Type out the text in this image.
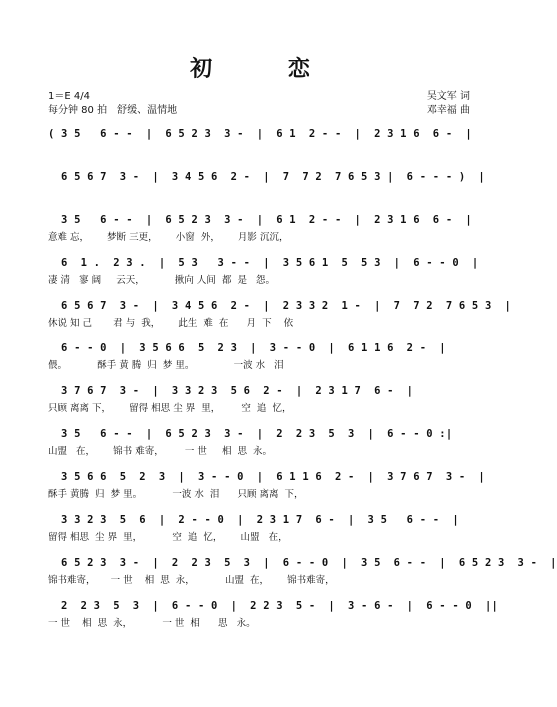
初 恋
1＝E 4/4
每分钟 80 拍　舒缓、温情地
吴文军 词
邓幸福 曲
( 3 5   6 - -  |  6 5 2 3  3 -  |  6 1  2 - -  |  2 3 1 6  6 -  |
6 5 6 7  3 -  |  3 4 5 6  2 -  |  7  7 2  7 6 5 3 |  6 - - - )  |
3 5   6 - -  |  6 5 2 3  3 -  |  6 1  2 - -  |  2 3 1 6  6 -  |
意难 忘，      梦断 三更，      小窗  外，      月影 沉沉，
6  1 .  2 3 .  |  5 3   3 - -  |  3 5 6 1  5  5 3  |  6 - - 0  |
凄 清   寥 阔     云天，          揪向 人间  都  是   怨。
6 5 6 7  3 -  |  3 4 5 6  2 -  |  2 3 3 2  1 -  |  7  7 2  7 6 5 3  |
休说 知 己       君 与  我，      此生  难  在      月  下    依
6 - - 0  |  3 5 6 6  5  2 3  |  3 - - 0  |  6 1 1 6  2 -  |
偎。          酥手 黄 腾  归  梦 里。             一波 水   泪
3 7 6 7  3 -  |  3 3 2 3  5 6  2 -  |  2 3 1 7  6 -  |
只顾 离离 下，      留得 相思 尘 界  里，       空  追  忆，
3 5   6 - -  |  6 5 2 3  3 -  |  2  2 3  5  3  |  6 - - 0 :|
山盟   在，      锦书 难寄，       一 世     相  思  永。
3 5 6 6  5  2  3  |  3 - - 0  |  6 1 1 6  2 -  |  3 7 6 7  3 -  |
酥手 黄腾  归  梦 里。          一波 水  泪      只顾 离离  下，
3 3 2 3  5  6  |  2 - - 0  |  2 3 1 7  6 -  |  3 5   6 - -  |
留得 相思  尘 界  里，          空  追  忆，      山盟   在，
6 5 2 3  3 -  |  2  2 3  5  3  |  6 - - 0  |  3 5  6 - -  |  6 5 2 3  3 -  |
锦书难寄，     一 世    相  思  永，          山盟  在，      锦书难寄，
2  2 3  5  3  |  6 - - 0  |  2 2 3  5 -  |  3 - 6 -  |  6 - - 0  ||
一 世    相  思  永，          一 世  相      思   永。
